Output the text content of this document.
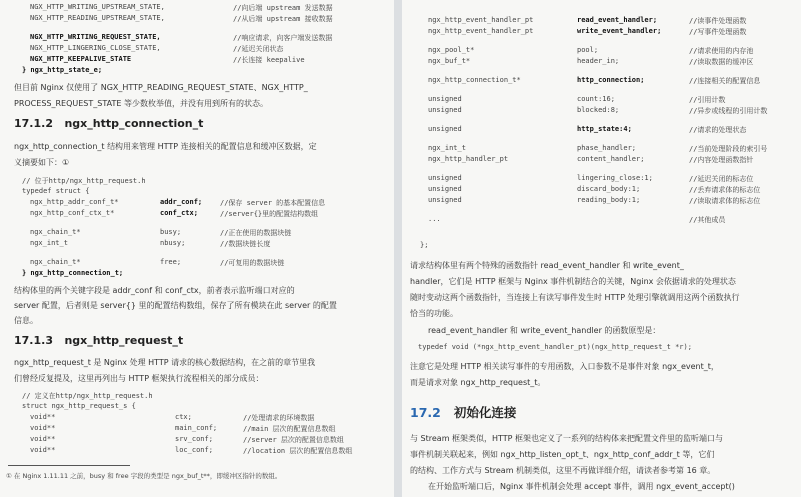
NGX_HTTP_WRITING_UPSTREAM_STATE,	//向后端 upstream 发送数据
NGX_HTTP_READING_UPSTREAM_STATE,	//从后端 upstream 接收数据
NGX_HTTP_WRITING_REQUEST_STATE,	//响应请求，向客户端发送数据
NGX_HTTP_LINGERING_CLOSE_STATE,	//延迟关闭状态
NGX_HTTP_KEEPALIVE_STATE	//长连接 keepalive
} ngx_http_state_e;
但目前 Nginx 仅使用了 NGX_HTTP_READING_REQUEST_STATE、NGX_HTTP_
PROCESS_REQUEST_STATE 等少数枚举值，并没有用到所有的状态。
17.1.2   ngx_http_connection_t
ngx_http_connection_t 结构用来管理 HTTP 连接相关的配置信息和缓冲区数据，定
义摘要如下：①
// 位于http/ngx_http_request.h
typedef struct {
ngx_http_addr_conf_t*	addr_conf;	//保存 server 的基本配置信息
ngx_http_conf_ctx_t*	conf_ctx;	//server{}里的配置结构数组
ngx_chain_t*	busy;	//正在使用的数据块链
ngx_int_t	nbusy;	//数据块链长度
ngx_chain_t*	free;	//可复用的数据块链
} ngx_http_connection_t;
结构体里的两个关键字段是 addr_conf 和 conf_ctx，前者表示监听端口对应的
server 配置，后者则是 server{} 里的配置结构数组，保存了所有模块在此 server 的配置
信息。
17.1.3   ngx_http_request_t
ngx_http_request_t 是 Nginx 处理 HTTP 请求的核心数据结构，在之前的章节里我
们曾经反复提及，这里再列出与 HTTP 框架执行流程相关的部分成员：
// 定义在http/ngx_http_request.h
struct ngx_http_request_s {
void**	ctx;	//处理请求的环境数据
void**	main_conf;	//main 层次的配置信息数组
void**	srv_conf;	//server 层次的配置信息数组
void**	loc_conf;	//location 层次的配置信息数组
① 在 Nginx 1.11.11 之前，busy 和 free 字段的类型是 ngx_buf_t**，即缓冲区指针的数组。
ngx_http_event_handler_pt	read_event_handler;	//读事件处理函数
ngx_http_event_handler_pt	write_event_handler;	//写事件处理函数
ngx_pool_t*	pool;	//请求使用的内存池
ngx_buf_t*	header_in;	//读取数据的缓冲区
ngx_http_connection_t*	http_connection;	//连接相关的配置信息
unsigned	count:16;	//引用计数
unsigned	blocked:8;	//异步或线程的引用计数
unsigned	http_state:4;	//请求的处理状态
ngx_int_t	phase_handler;	//当前处理阶段的索引号
ngx_http_handler_pt	content_handler;	//内容处理函数指针
unsigned	lingering_close:1;	//延迟关闭的标志位
unsigned	discard_body:1;	//丢弃请求体的标志位
unsigned	reading_body:1;	//读取请求体的标志位
...	//其他成员
};
请求结构体里有两个特殊的函数指针 read_event_handler 和 write_event_
handler，它们是 HTTP 框架与 Nginx 事件机制结合的关键，Nginx 会依据请求的处理状态
随时变动这两个函数指针，当连接上有读写事件发生时 HTTP 处理引擎就调用这两个函数执行
恰当的功能。
read_event_handler 和 write_event_handler 的函数原型是：
typedef void (*ngx_http_event_handler_pt)(ngx_http_request_t *r);
注意它是处理 HTTP 相关读写事件的专用函数，入口参数不是事件对象 ngx_event_t，
而是请求对象 ngx_http_request_t。
17.2   初始化连接
与 Stream 框架类似，HTTP 框架也定义了一系列的结构体来把配置文件里的监听端口与
事件机制关联起来，例如 ngx_http_listen_opt_t、ngx_http_conf_addr_t 等，它们
的结构、工作方式与 Stream 机制类似，这里不再做详细介绍，请读者参考第 16 章。
在开始监听端口后，Nginx 事件机制会处理 accept 事件，调用 ngx_event_accept()
